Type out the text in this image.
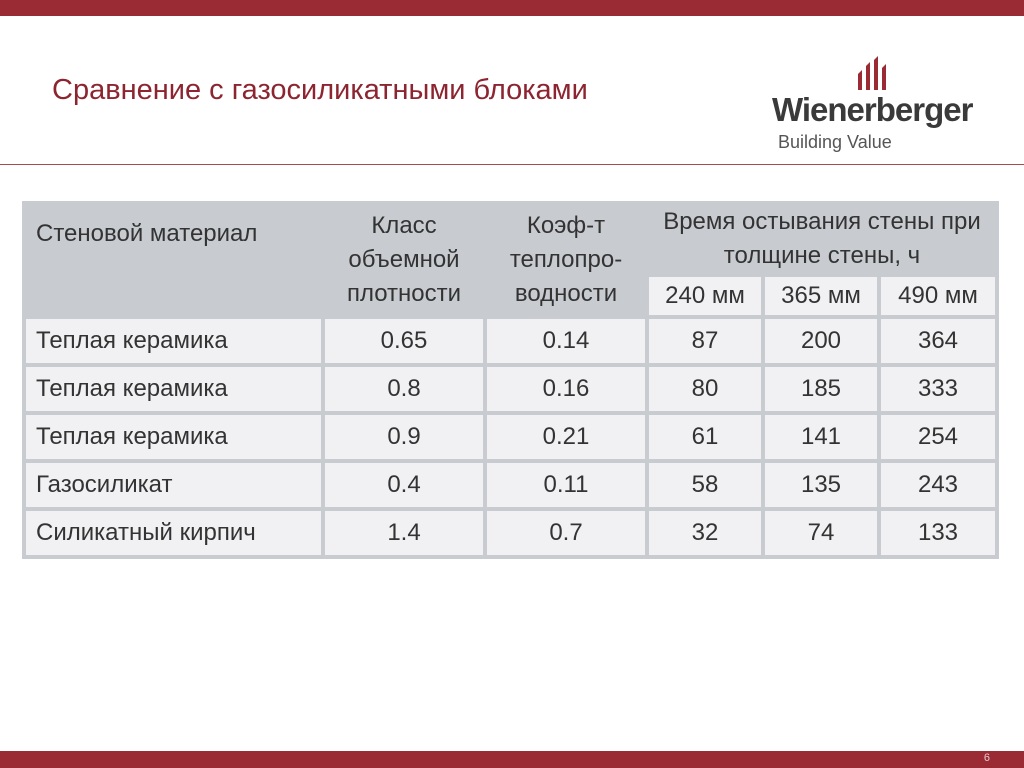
Сравнение с газосиликатными блоками
Wienerberger
Building Value
Стеновой материал	Класс объемной плотности	Коэф-т теплопро-водности	Время остывания стены при толщине стены, ч		
			240 мм	365 мм	490 мм
Теплая керамика	0.65	0.14	87	200	364
Теплая керамика	0.8	0.16	80	185	333
Теплая керамика	0.9	0.21	61	141	254
Газосиликат	0.4	0.11	58	135	243
Силикатный кирпич	1.4	0.7	32	74	133
6
